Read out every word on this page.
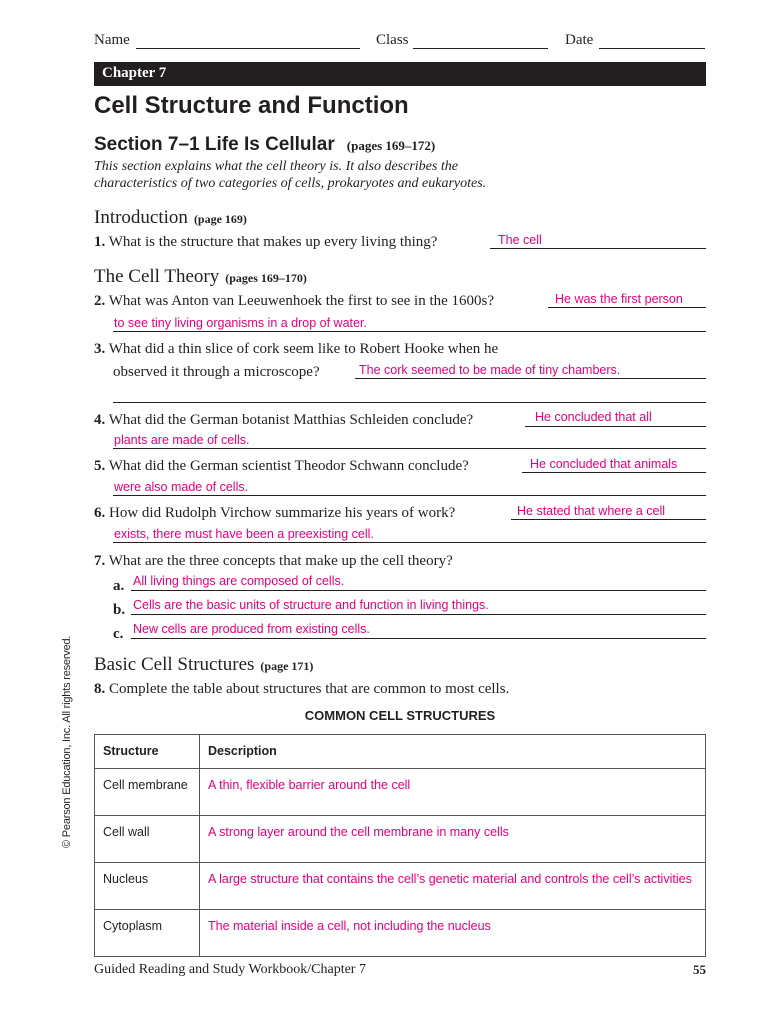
Name	Class	Date
Chapter 7
Cell Structure and Function
Section 7–1 Life Is Cellular (pages 169–172)
This section explains what the cell theory is. It also describes the
characteristics of two categories of cells, prokaryotes and eukaryotes.
Introduction (page 169)
1. What is the structure that makes up every living thing?	The cell
The Cell Theory (pages 169–170)
2. What was Anton van Leeuwenhoek the first to see in the 1600s?	He was the first person
to see tiny living organisms in a drop of water.
3. What did a thin slice of cork seem like to Robert Hooke when he
observed it through a microscope?	The cork seemed to be made of tiny chambers.
4. What did the German botanist Matthias Schleiden conclude?	He concluded that all
plants are made of cells.
5. What did the German scientist Theodor Schwann conclude?	He concluded that animals
were also made of cells.
6. How did Rudolph Virchow summarize his years of work?	He stated that where a cell
exists, there must have been a preexisting cell.
7. What are the three concepts that make up the cell theory?
a. All living things are composed of cells.
b. Cells are the basic units of structure and function in living things.
c. New cells are produced from existing cells.
Basic Cell Structures (page 171)
8. Complete the table about structures that are common to most cells.
COMMON CELL STRUCTURES
Structure	Description
Cell membrane	A thin, flexible barrier around the cell
Cell wall	A strong layer around the cell membrane in many cells
Nucleus	A large structure that contains the cell’s genetic material and controls the cell’s activities
Cytoplasm	The material inside a cell, not including the nucleus
© Pearson Education, Inc. All rights reserved.
Guided Reading and Study Workbook/Chapter 7	55
